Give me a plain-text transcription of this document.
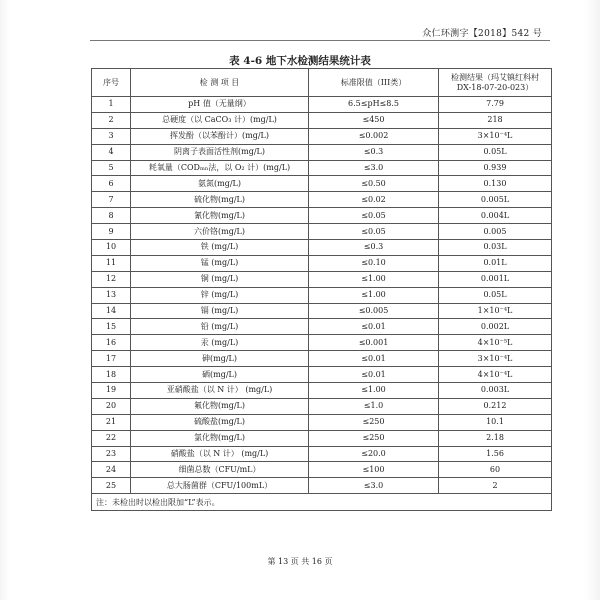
众仁环测字【2018】542 号
表 4-6 地下水检测结果统计表
序号	检 测 项 目	标准限值（III类）	检测结果（玛艾镇红科村
DX-18-07-20-023）
1	pH 值（无量纲）	6.5≤pH≤8.5	7.79
2	总硬度（以 CaCO₃ 计）(mg/L)	≤450	218
3	挥发酚（以苯酚计）(mg/L)	≤0.002	3×10⁻⁴L
4	阴离子表面活性剂(mg/L)	≤0.3	0.05L
5	耗氧量（CODₘₙ法，以 O₂ 计）(mg/L)	≤3.0	0.939
6	氨氮(mg/L)	≤0.50	0.130
7	硫化物(mg/L)	≤0.02	0.005L
8	氰化物(mg/L)	≤0.05	0.004L
9	六价铬(mg/L)	≤0.05	0.005
10	铁 (mg/L)	≤0.3	0.03L
11	锰 (mg/L)	≤0.10	0.01L
12	铜 (mg/L)	≤1.00	0.001L
13	锌 (mg/L)	≤1.00	0.05L
14	镉 (mg/L)	≤0.005	1×10⁻⁴L
15	铅 (mg/L)	≤0.01	0.002L
16	汞 (mg/L)	≤0.001	4×10⁻⁵L
17	砷(mg/L)	≤0.01	3×10⁻⁴L
18	硒(mg/L)	≤0.01	4×10⁻⁴L
19	亚硝酸盐（以 N 计） (mg/L)	≤1.00	0.003L
20	氟化物(mg/L)	≤1.0	0.212
21	硫酸盐(mg/L)	≤250	10.1
22	氯化物(mg/L)	≤250	2.18
23	硝酸盐（以 N 计） (mg/L)	≤20.0	1.56
24	细菌总数（CFU/mL）	≤100	60
25	总大肠菌群（CFU/100mL）	≤3.0	2
注：未检出时以检出限加“L”表示。			
第 13 页 共 16 页
